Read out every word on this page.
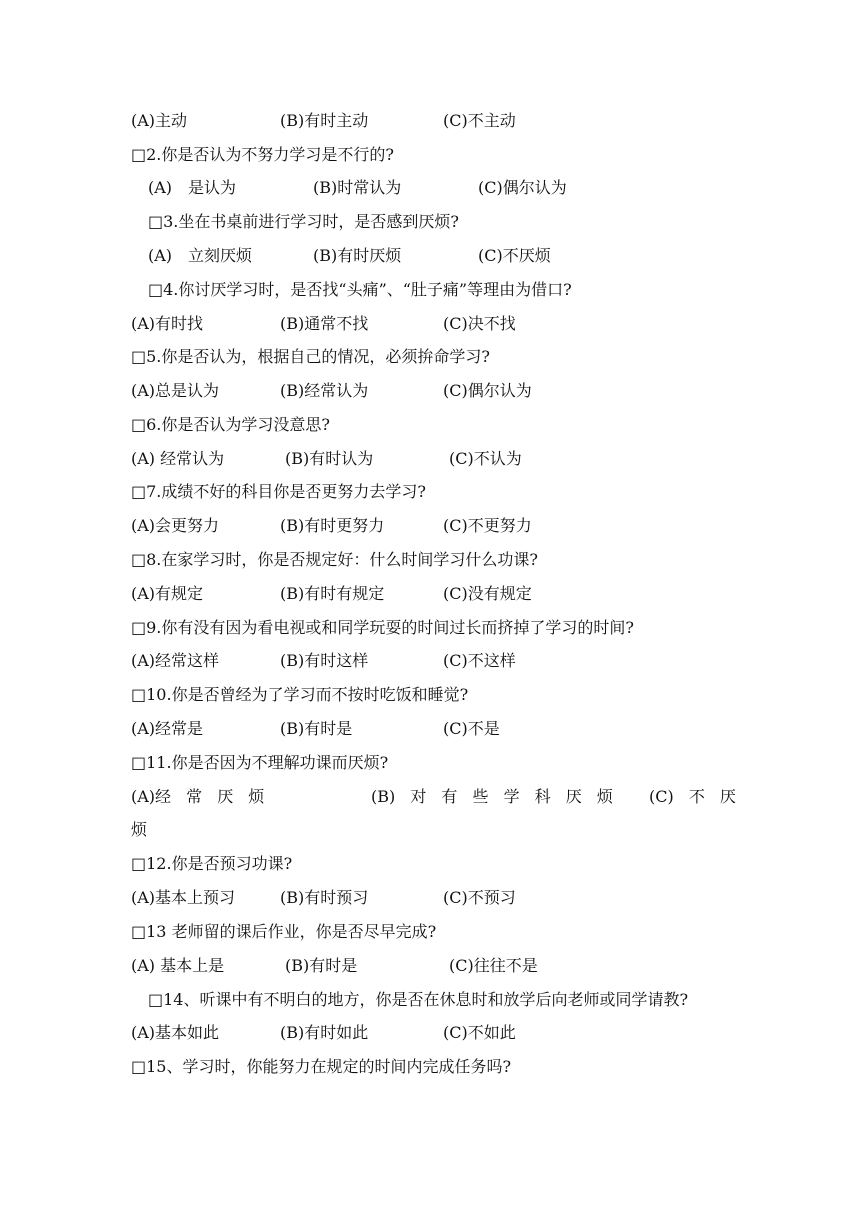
(A)主动	(B)有时主动	(C)不主动
□2.你是否认为不努力学习是不行的?
(A)　是认为	(B)时常认为	(C)偶尔认为
□3.坐在书桌前进行学习时，是否感到厌烦?
(A)　立刻厌烦	(B)有时厌烦	(C)不厌烦
□4.你讨厌学习时，是否找“头痛”、“肚子痛”等理由为借口?
(A)有时找	(B)通常不找	(C)决不找
□5.你是否认为，根据自己的情况，必须拚命学习?
(A)总是认为	(B)经常认为	(C)偶尔认为
□6.你是否认为学习没意思?
(A) 经常认为	(B)有时认为	(C)不认为
□7.成绩不好的科目你是否更努力去学习?
(A)会更努力	(B)有时更努力	(C)不更努力
□8.在家学习时，你是否规定好：什么时间学习什么功课?
(A)有规定	(B)有时有规定	(C)没有规定
□9.你有没有因为看电视或和同学玩耍的时间过长而挤掉了学习的时间?
(A)经常这样	(B)有时这样	(C)不这样
□10.你是否曾经为了学习而不按时吃饭和睡觉?
(A)经常是	(B)有时是	(C)不是
□11.你是否因为不理解功课而厌烦?
(A)经 常 厌 烦	(B) 对 有 些 学 科 厌 烦 (C) 不 厌
烦
□12.你是否预习功课?
(A)基本上预习	(B)有时预习	(C)不预习
□13 老师留的课后作业，你是否尽早完成?
(A) 基本上是	(B)有时是	(C)往往不是
□14、听课中有不明白的地方，你是否在休息时和放学后向老师或同学请教?
(A)基本如此	(B)有时如此	(C)不如此
□15、学习时，你能努力在规定的时间内完成任务吗?
